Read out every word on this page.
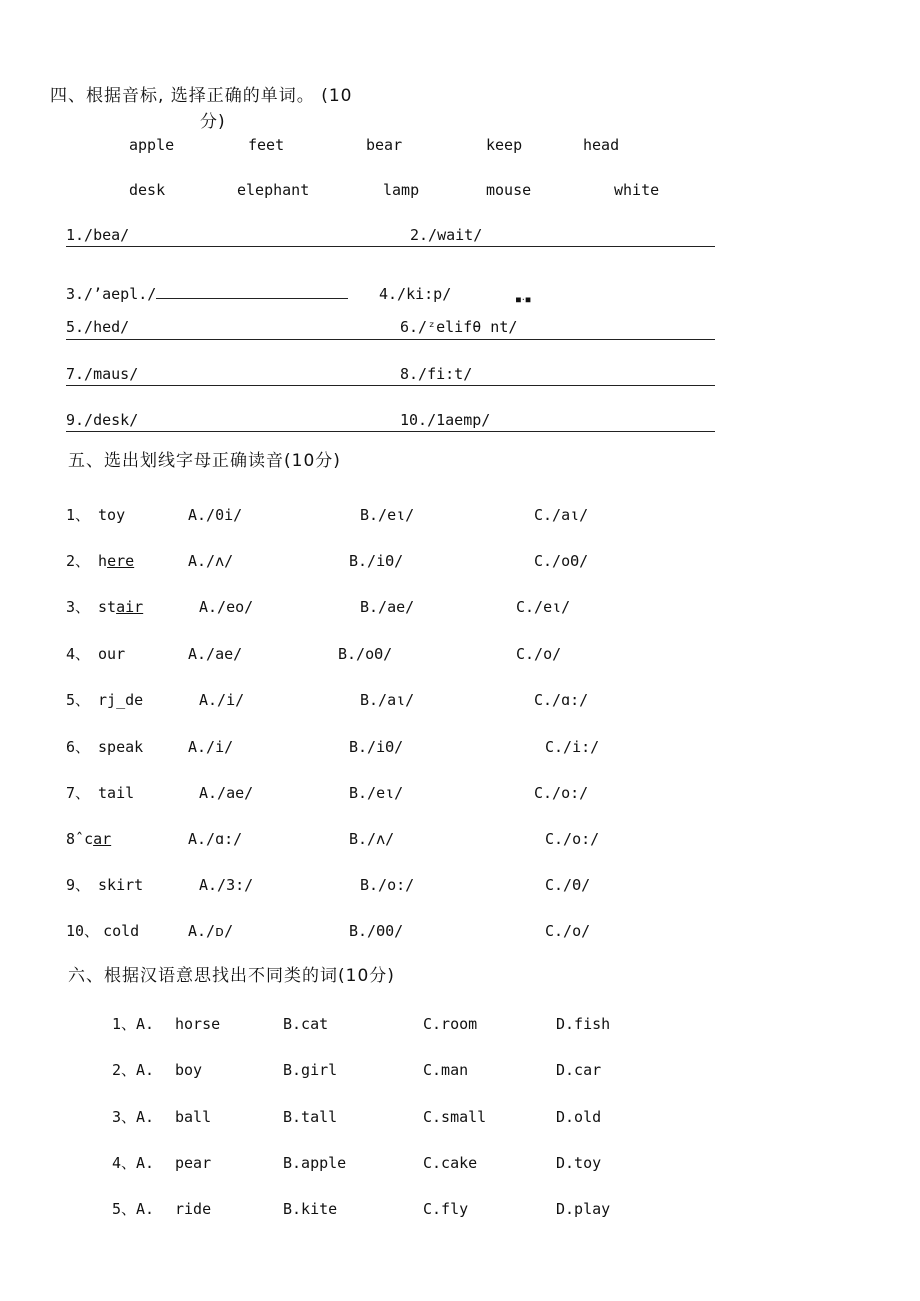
四、根据音标, 选择正确的单词。 (10
分)
apple	feet	bear	keep	head
desk	elephant	lamp	mouse	white
1./bea/	2./wait/
3./’aepl./	4./ki:p/	■·■
5./hed/	6./ᶻelifθ nt/
7./maus/	8./fi:t/
9./desk/	10./1aemp/
五、选出划线字母正确读音(10分)
1、 toy	A./0i/	B./eι/	C./aι/
2、 here	A./ʌ/	B./iΘ/	C./oΘ/
3、 stair	A./eo/	B./ae/	C./eι/
4、 our	A./ae/	B./oΘ/	C./o/
5、 rj_de	A./i/	B./aι/	C./ɑ:/
6、 speak	A./i/	B./iΘ/	C./i:/
7、 tail	A./ae/	B./eι/	C./o:/
8ˆcar	A./ɑ:/	B./ʌ/	C./o:/
9、 skirt	A./3:/	B./o:/	C./Θ/
10、 cold	A./ᴅ/	B./Θ0/	C./o/
六、根据汉语意思找出不同类的词(10分)
1、A. horse	B.cat	C.room	D.fish
2、A. boy	B.girl	C.man	D.car
3、A. ball	B.tall	C.small	D.old
4、A. pear	B.apple	C.cake	D.toy
5、A. ride	B.kite	C.fly	D.play
